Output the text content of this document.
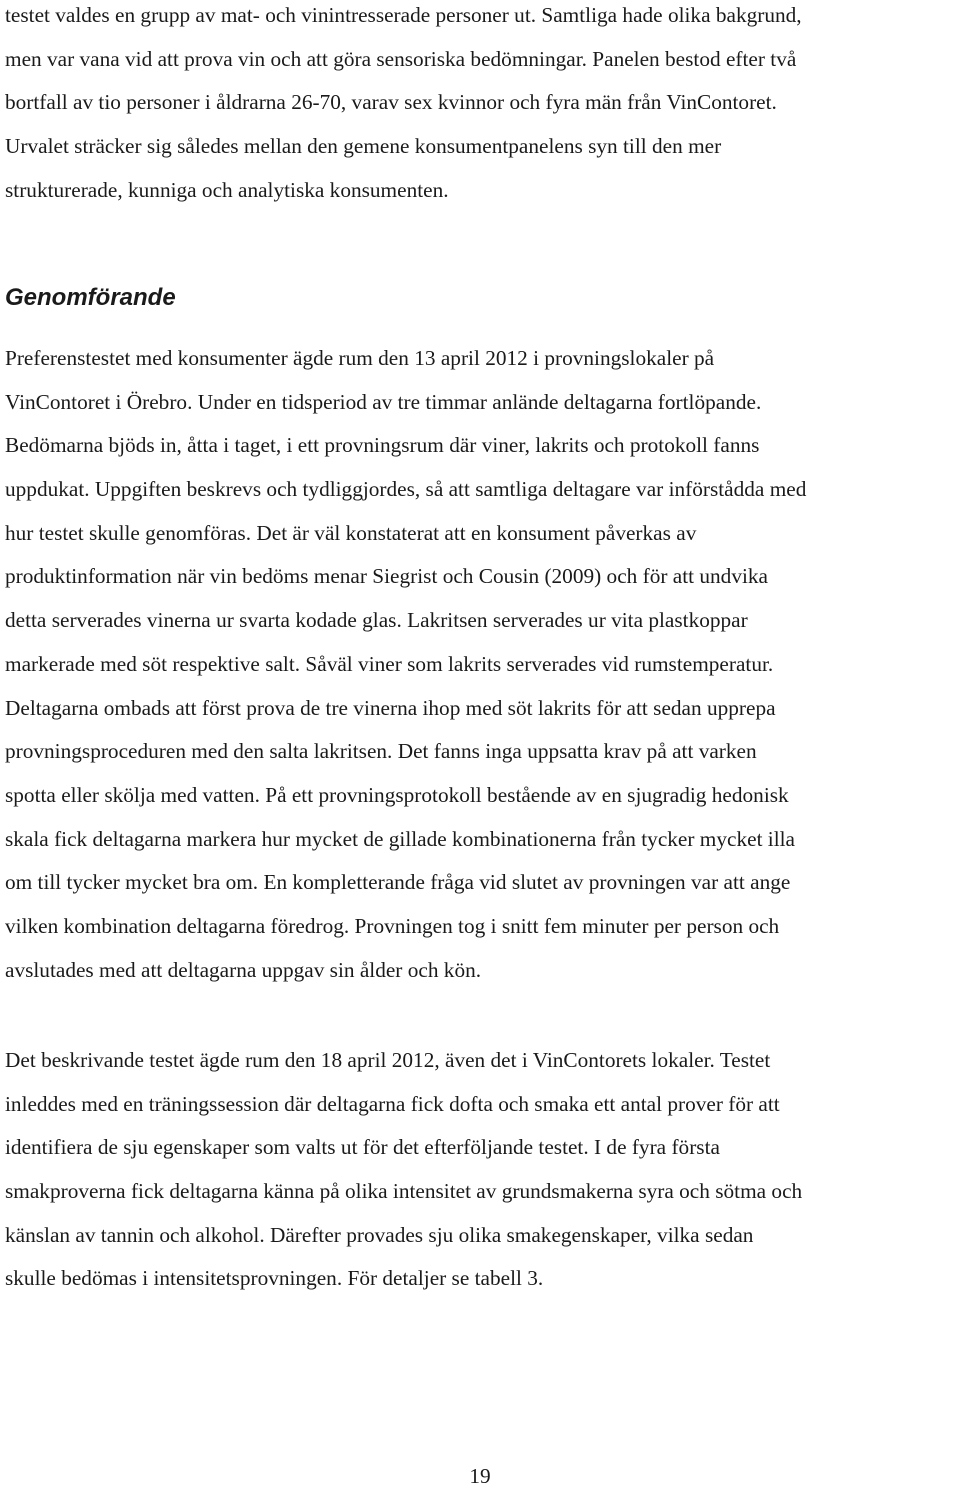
testet valdes en grupp av mat- och vinintresserade personer ut. Samtliga hade olika bakgrund,
men var vana vid att prova vin och att göra sensoriska bedömningar. Panelen bestod efter två
bortfall av tio personer i åldrarna 26-70, varav sex kvinnor och fyra män från VinContoret.
Urvalet sträcker sig således mellan den gemene konsumentpanelens syn till den mer
strukturerade, kunniga och analytiska konsumenten.

Genomförande

Preferenstestet med konsumenter ägde rum den 13 april 2012 i provningslokaler på
VinContoret i Örebro. Under en tidsperiod av tre timmar anlände deltagarna fortlöpande.
Bedömarna bjöds in, åtta i taget, i ett provningsrum där viner, lakrits och protokoll fanns
uppdukat. Uppgiften beskrevs och tydliggjordes, så att samtliga deltagare var införstådda med
hur testet skulle genomföras. Det är väl konstaterat att en konsument påverkas av
produktinformation när vin bedöms menar Siegrist och Cousin (2009) och för att undvika
detta serverades vinerna ur svarta kodade glas. Lakritsen serverades ur vita plastkoppar
markerade med söt respektive salt. Såväl viner som lakrits serverades vid rumstemperatur.
Deltagarna ombads att först prova de tre vinerna ihop med söt lakrits för att sedan upprepa
provningsproceduren med den salta lakritsen. Det fanns inga uppsatta krav på att varken
spotta eller skölja med vatten. På ett provningsprotokoll bestående av en sjugradig hedonisk
skala fick deltagarna markera hur mycket de gillade kombinationerna från tycker mycket illa
om till tycker mycket bra om. En kompletterande fråga vid slutet av provningen var att ange
vilken kombination deltagarna föredrog. Provningen tog i snitt fem minuter per person och
avslutades med att deltagarna uppgav sin ålder och kön.

Det beskrivande testet ägde rum den 18 april 2012, även det i VinContorets lokaler. Testet
inleddes med en träningssession där deltagarna fick dofta och smaka ett antal prover för att
identifiera de sju egenskaper som valts ut för det efterföljande testet. I de fyra första
smakproverna fick deltagarna känna på olika intensitet av grundsmakerna syra och sötma och
känslan av tannin och alkohol. Därefter provades sju olika smakegenskaper, vilka sedan
skulle bedömas i intensitetsprovningen. För detaljer se tabell 3.

19
